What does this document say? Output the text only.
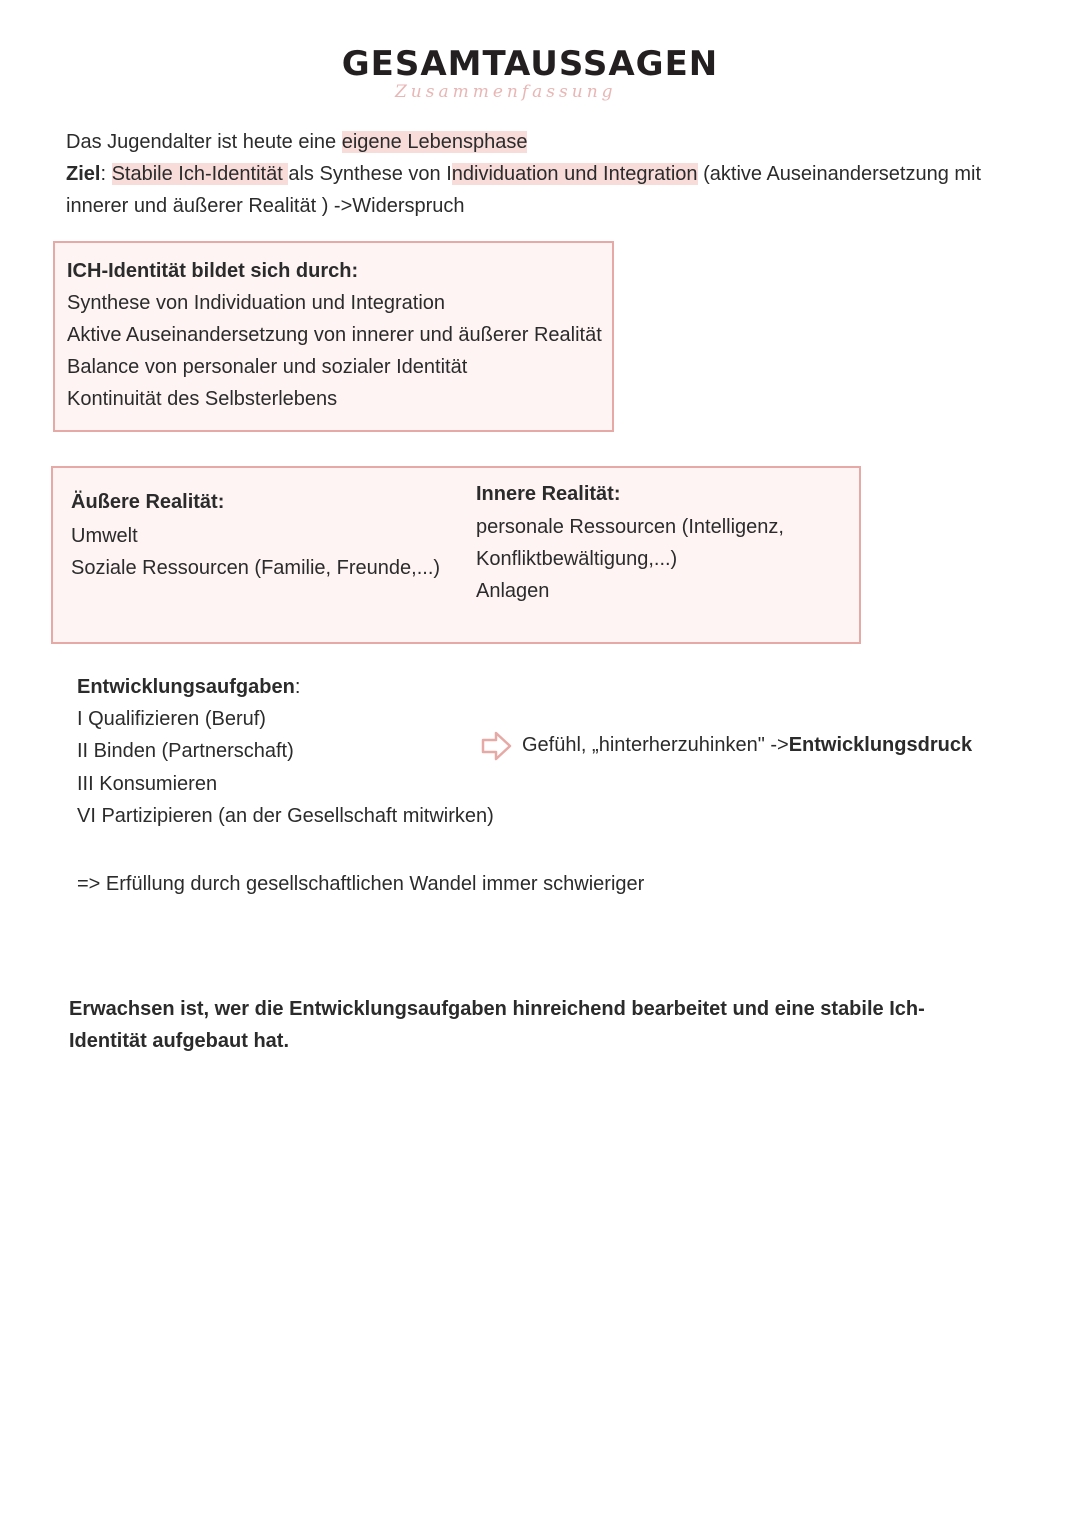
GESAMTAUSSAGEN
Zusammenfassung
Das Jugendalter ist heute eine eigene Lebensphase
Ziel: Stabile Ich-Identität als Synthese von Individuation und Integration (aktive Auseinandersetzung mit
innerer und äußerer Realität ) ->Widerspruch
ICH-Identität bildet sich durch:
Synthese von Individuation und Integration
Aktive Auseinandersetzung von innerer und äußerer Realität
Balance von personaler und sozialer Identität
Kontinuität des Selbsterlebens
Äußere Realität:
Umwelt
Soziale Ressourcen (Familie, Freunde,...)
Innere Realität:
personale Ressourcen (Intelligenz,
Konfliktbewältigung,...)
Anlagen
Entwicklungsaufgaben:
I Qualifizieren (Beruf)
II Binden (Partnerschaft)
III Konsumieren
VI Partizipieren (an der Gesellschaft mitwirken)
Gefühl, „hinterherzuhinken" ->Entwicklungsdruck
=> Erfüllung durch gesellschaftlichen Wandel immer schwieriger
Erwachsen ist, wer die Entwicklungsaufgaben hinreichend bearbeitet und eine stabile Ich-
Identität aufgebaut hat.
